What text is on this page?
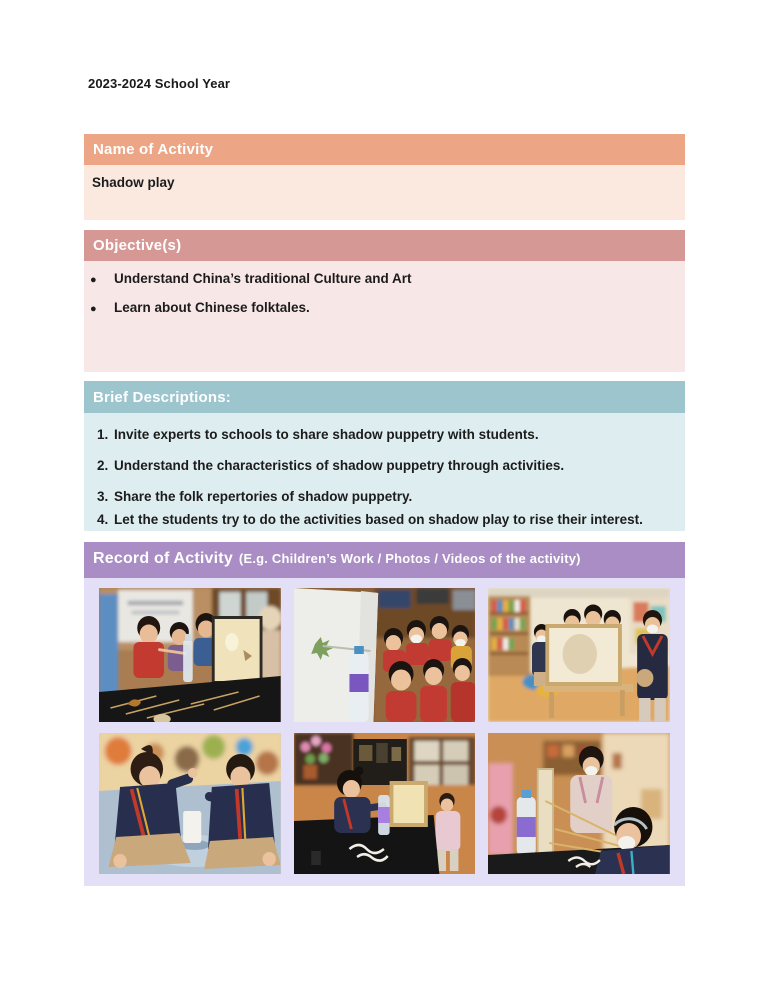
2023-2024 School Year
Name of Activity
Shadow play
Objective(s)
● Understand China’s traditional Culture and Art
● Learn about Chinese folktales.
Brief Descriptions:
Invite experts to schools to share shadow puppetry with students.
Understand the characteristics of shadow puppetry through activities.
Share the folk repertories of shadow puppetry.
Let the students try to do the activities based on shadow play to rise their interest.
Record of Activity (E.g. Children’s Work / Photos / Videos of the activity)
